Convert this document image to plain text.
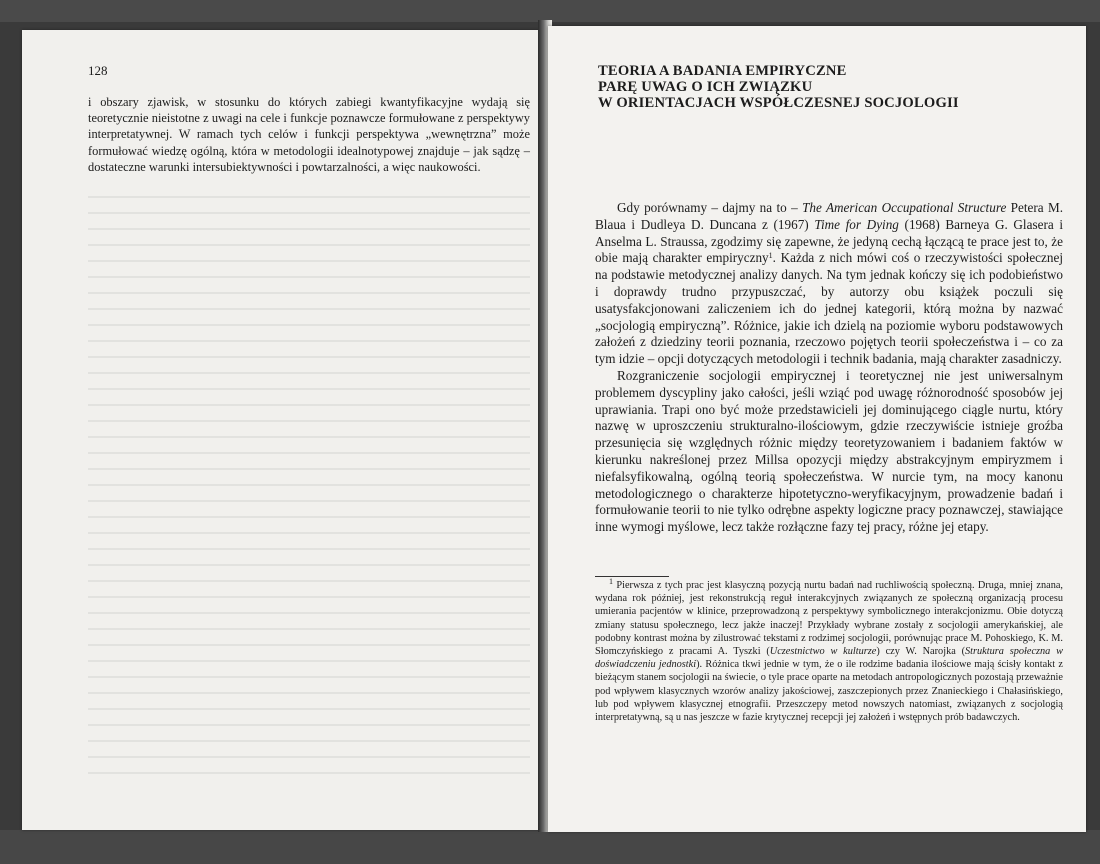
128
i obszary zjawisk, w stosunku do których zabiegi kwantyfikacyjne wydają się teoretycznie nieistotne z uwagi na cele i funkcje poznawcze formułowane z perspektywy interpretatywnej. W ramach tych celów i funkcji perspektywa „wewnętrzna” może formułować wiedzę ogólną, która w metodologii idealnotypowej znajduje – jak sądzę – dostateczne warunki intersubiektywności i powtarzalności, a więc naukowości.
TEORIA A BADANIA EMPIRYCZNE
PARĘ UWAG O ICH ZWIĄZKU
W ORIENTACJACH WSPÓŁCZESNEJ SOCJOLOGII

Gdy porównamy – dajmy na to – The American Occupational Structure Petera M. Blaua i Dudleya D. Duncana z (1967) Time for Dying (1968) Barneya G. Glasera i Anselma L. Straussa, zgodzimy się zapewne, że jedyną cechą łączącą te prace jest to, że obie mają charakter empiryczny$^1$. Każda z nich mówi coś o rzeczywistości społecznej na podstawie metodycznej analizy danych. Na tym jednak kończy się ich podobieństwo i doprawdy trudno przypuszczać, by autorzy obu książek poczuli się usatysfakcjonowani zaliczeniem ich do jednej kategorii, którą można by nazwać „socjologią empiryczną”. Różnice, jakie ich dzielą na poziomie wyboru podstawowych założeń z dziedziny teorii poznania, rzeczowo pojętych teorii społeczeństwa i – co za tym idzie – opcji dotyczących metodologii i technik badania, mają charakter zasadniczy.

Rozgraniczenie socjologii empirycznej i teoretycznej nie jest uniwersalnym problemem dyscypliny jako całości, jeśli wziąć pod uwagę różnorodność sposobów jej uprawiania. Trapi ono być może przedstawicieli jej dominującego ciągle nurtu, który nazwę w uproszczeniu strukturalno-ilościowym, gdzie rzeczywiście istnieje groźba przesunięcia się względnych różnic między teoretyzowaniem i badaniem faktów w kierunku nakreślonej przez Millsa opozycji między abstrakcyjnym empiryzmem i niefalsyfikowalną, ogólną teorią społeczeństwa. W nurcie tym, na mocy kanonu metodologicznego o charakterze hipotetyczno-weryfikacyjnym, prowadzenie badań i formułowanie teorii to nie tylko odrębne aspekty logiczne pracy poznawczej, stawiające inne wymogi myślowe, lecz także rozłączne fazy tej pracy, różne jej etapy.

$^1$ Pierwsza z tych prac jest klasyczną pozycją nurtu badań nad ruchliwością społeczną. Druga, mniej znana, wydana rok później, jest rekonstrukcją reguł interakcyjnych związanych ze społeczną organizacją procesu umierania pacjentów w klinice, przeprowadzoną z perspektywy symbolicznego interakcjonizmu. Obie dotyczą zmiany statusu społecznego, lecz jakże inaczej! Przykłady wybrane zostały z socjologii amerykańskiej, ale podobny kontrast można by zilustrować tekstami z rodzimej socjologii, porównując prace M. Pohoskiego, K. M. Słomczyńskiego z pracami A. Tyszki (Uczestnictwo w kulturze) czy W. Narojka (Struktura społeczna w doświadczeniu jednostki). Różnica tkwi jednie w tym, że o ile rodzime badania ilościowe mają ścisły kontakt z bieżącym stanem socjologii na świecie, o tyle prace oparte na metodach antropologicznych pozostają przeważnie pod wpływem klasycznych wzorów analizy jakościowej, zaszczepionych przez Znanieckiego i Chałasińskiego, lub pod wpływem klasycznej etnografii. Przeszczepy metod nowszych natomiast, związanych z socjologią interpretatywną, są u nas jeszcze w fazie krytycznej recepcji jej założeń i wstępnych prób badawczych.
